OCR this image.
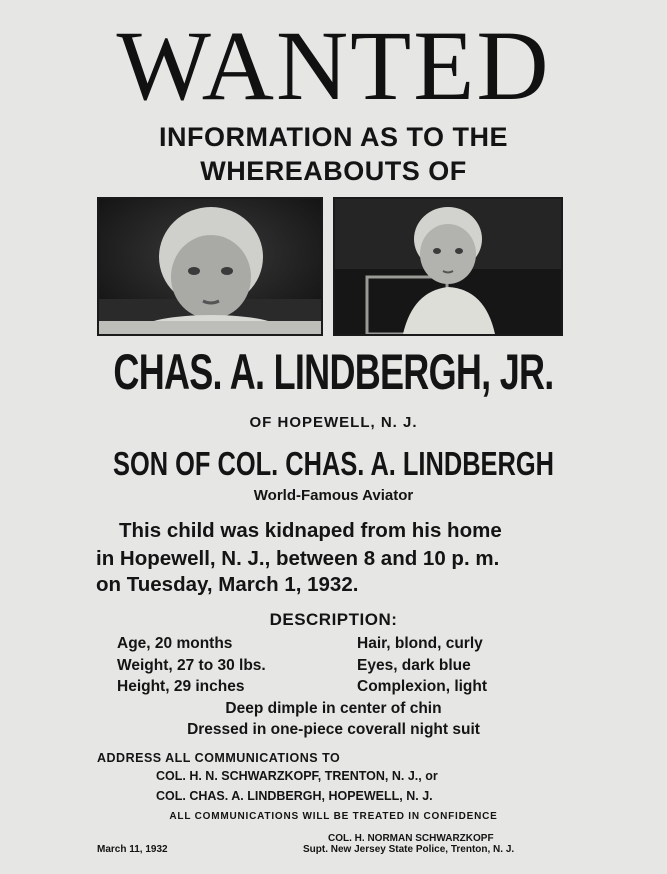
WANTED
INFORMATION AS TO THE
WHEREABOUTS OF
CHAS. A. LINDBERGH, JR.
OF HOPEWELL, N. J.
SON OF COL. CHAS. A. LINDBERGH
World-Famous Aviator
This child was kidnaped from his home
in Hopewell, N. J., between 8 and 10 p. m.
on Tuesday, March 1, 1932.
DESCRIPTION:
Age, 20 months
Weight, 27 to 30 lbs.
Height, 29 inches
Hair, blond, curly
Eyes, dark blue
Complexion, light
Deep dimple in center of chin
Dressed in one-piece coverall night suit
ADDRESS ALL COMMUNICATIONS TO
COL. H. N. SCHWARZKOPF, TRENTON, N. J., or
COL. CHAS. A. LINDBERGH, HOPEWELL, N. J.
ALL COMMUNICATIONS WILL BE TREATED IN CONFIDENCE
March 11, 1932
COL. H. NORMAN SCHWARZKOPF
Supt. New Jersey State Police, Trenton, N. J.
